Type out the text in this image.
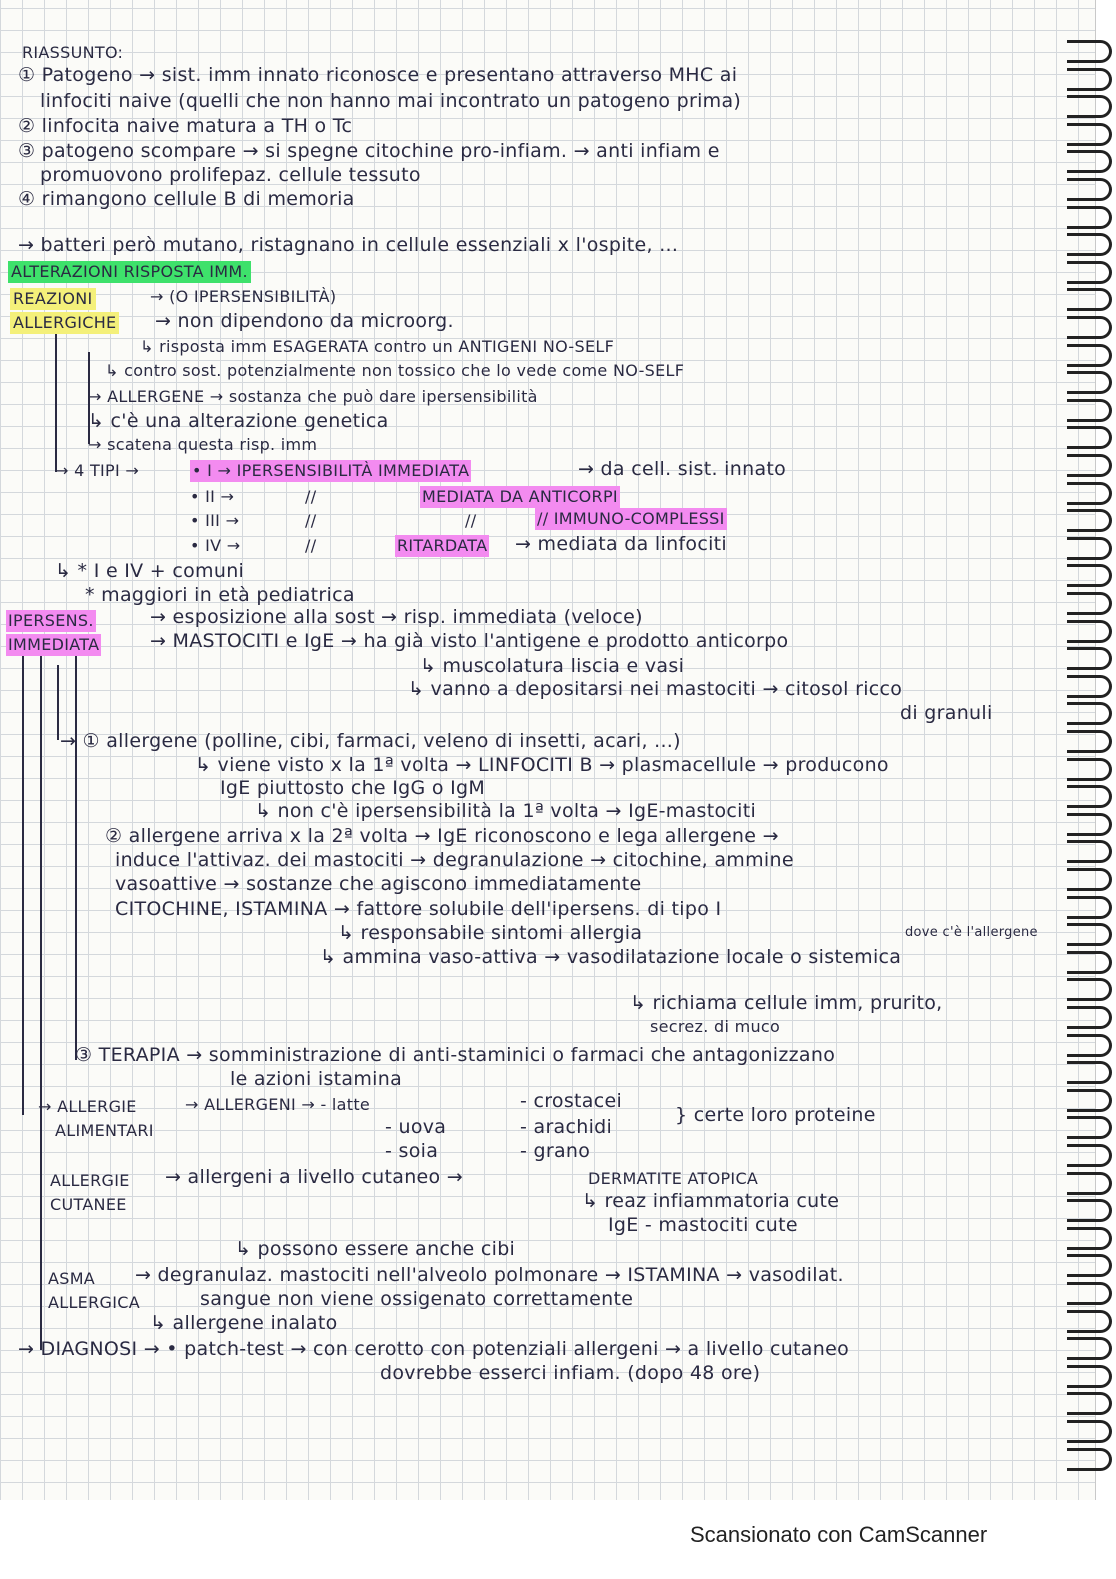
RIASSUNTO:
① Patogeno → sist. imm innato riconosce e presentano attraverso MHC ai
linfociti naive (quelli che non hanno mai incontrato un patogeno prima)
② linfocita naive matura a TH o Tc
③ patogeno scompare → si spegne citochine pro-infiam. → anti infiam e
promuovono prolifераz. cellule tessuto
④ rimangono cellule B di memoria
→ batteri però mutano, ristagnano in cellule essenziali x l'ospite, ...
ALTERAZIONI RISPOSTA IMM.
REAZIONI	→ (O IPERSENSIBILITÀ)
ALLERGICHE → non dipendono da microorg.
↳ risposta imm ESAGERATA contro un ANTIGENI NO-SELF
↳ contro sost. potenzialmente non tossico che lo vede come NO-SELF
→ ALLERGENE → sostanza che può dare ipersensibilità
↳ c'è una alterazione genetica
→ scatena questa risp. imm
→ 4 TIPI →	• I → IPERSENSIBILITÀ IMMEDIATA	→ da cell. sist. innato
• II →	//	MEDIATA DA ANTICORPI
• III →	//	//	// IMMUNO-COMPLESSI
• IV →	//	RITARDATA → mediata da linfociti
↳ * I e IV + comuni
* maggiori in età pediatrica
IPERSENS.	→ esposizione alla sost → risp. immediata (veloce)
IMMEDIATA	→ MASTOCITI e IgE → ha già visto l'antigene e prodotto anticorpo
↳ muscolatura liscia e vasi
↳ vanno a depositarsi nei mastociti → citosol ricco
di granuli
→ ① allergene (polline, cibi, farmaci, veleno di insetti, acari, ...)
↳ viene visto x la 1ª volta → LINFOCITI B → plasmacellule → producono
IgE piuttosto che IgG o IgM
↳ non c'è ipersensibilità la 1ª volta → IgE-mastociti
② allergene arriva x la 2ª volta → IgE riconoscono e lega allergene →
induce l'attivaz. dei mastociti → degranulazione → citochine, ammine
vasoattive → sostanze che agiscono immediatamente
CITOCHINE, ISTAMINA → fattore solubile dell'ipersens. di tipo I
↳ responsabile sintomi allergia	dove c'è l'allergene
↳ ammina vaso-attiva → vasodilatazione locale o sistemica
↳ richiama cellule imm, prurito,
secrez. di muco
③ TERAPIA → somministrazione di anti-staminici o farmaci che antagonizzano
le azioni istamina
→ ALLERGIE	→ ALLERGENI → - latte	- crostacei
} certe loro proteine
ALIMENTARI	- uova	- arachidi
- soia	- grano
ALLERGIE → allergeni a livello cutaneo →	DERMATITE ATOPICA
CUTANEE	↳ reaz infiammatoria cute
IgE - mastociti cute
↳ possono essere anche cibi
ASMA → degranulaz. mastociti nell'alveolo polmonare → ISTAMINA → vasodilat.
ALLERGICA	sangue non viene ossigenato correttamente
↳ allergene inalato
→ DIAGNOSI → • patch-test → con cerotto con potenziali allergeni → a livello cutaneo
dovrebbe esserci infiam. (dopo 48 ore)
Scansionato con CamScanner
